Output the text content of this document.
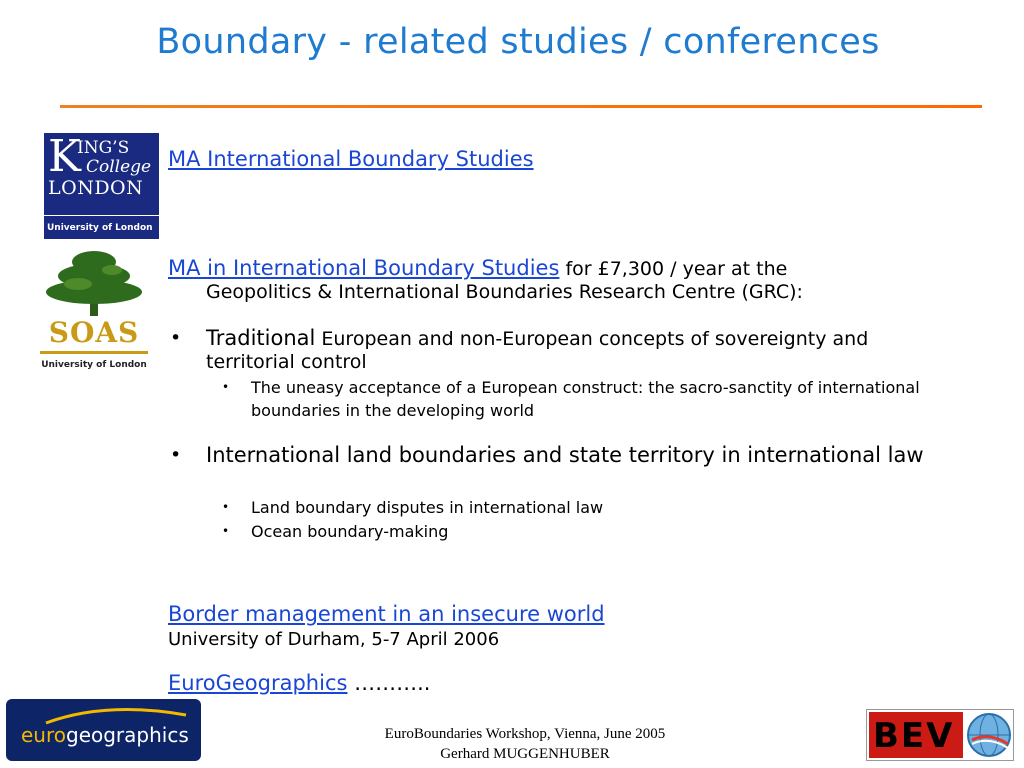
Boundary - related studies / conferences
K
ING’S
College
LONDON
University of London
MA International Boundary Studies
SOAS
University of London
MA in International Boundary Studies for £7,300 / year at the
Geopolitics & International Boundaries Research Centre (GRC):
•	Traditional European and non-European concepts of sovereignty and territorial control
•	The uneasy acceptance of a European construct: the sacro-sanctity of international boundaries in the developing world
•	International land boundaries and state territory in international law
•	Land boundary disputes in international law
•	Ocean boundary-making
Border management in an insecure world
University of Durham, 5-7 April 2006
EuroGeographics ………..
eurogeographics	EuroBoundaries Workshop, Vienna, June 2005
Gerhard MUGGENHUBER	BEV
